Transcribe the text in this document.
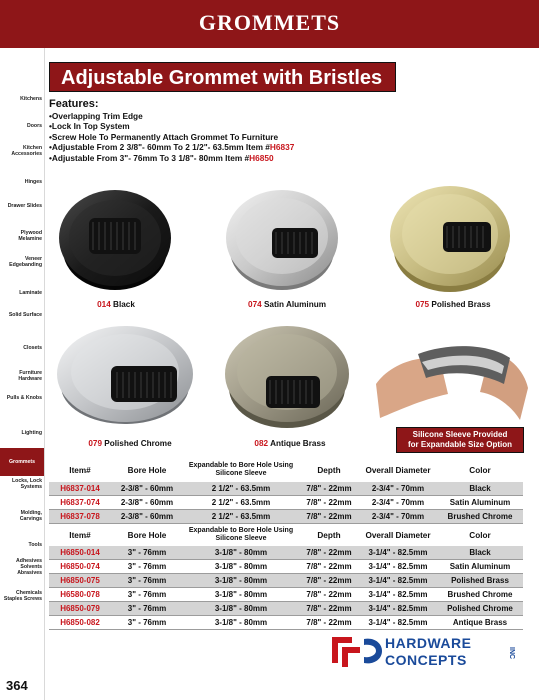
GROMMETS
Kitchens
Doors
Kitchen Accessories
Hinges
Drawer Slides
Plywood Melamine
Veneer Edgebanding
Laminate
Solid Surface
Closets
Furniture Hardware
Pulls & Knobs
Lighting
Grommets
Locks, Lock Systems
Molding, Carvings
Tools
Adhesives Solvents Abrasives
Chemicals Staples Screws
Adjustable Grommet with Bristles
Features:
• Overlapping Trim Edge
• Lock In Top System
• Screw Hole To Permanently Attach Grommet To Furniture
• Adjustable From 2 3/8"- 60mm To 2 1/2"- 63.5mm Item #H6837
• Adjustable From 3"- 76mm To 3 1/8"- 80mm Item #H6850
014 Black	074 Satin Aluminum	075 Polished Brass
079 Polished Chrome	082 Antique Brass
Silicone Sleeve Provided
for Expandable Size Option
Item#	Bore Hole	Expandable to Bore Hole Using Silicone Sleeve	Depth	Overall Diameter	Color
H6837-014	2-3/8" - 60mm	2 1/2" - 63.5mm	7/8" - 22mm	2-3/4" - 70mm	Black
H6837-074	2-3/8" - 60mm	2 1/2" - 63.5mm	7/8" - 22mm	2-3/4" - 70mm	Satin Aluminum
H6837-078	2-3/8" - 60mm	2 1/2" - 63.5mm	7/8" - 22mm	2-3/4" - 70mm	Brushed Chrome
Item#	Bore Hole	Expandable to Bore Hole Using Silicone Sleeve	Depth	Overall Diameter	Color
H6850-014	3" - 76mm	3-1/8" - 80mm	7/8" - 22mm	3-1/4" - 82.5mm	Black
H6850-074	3" - 76mm	3-1/8" - 80mm	7/8" - 22mm	3-1/4" - 82.5mm	Satin Aluminum
H6850-075	3" - 76mm	3-1/8" - 80mm	7/8" - 22mm	3-1/4" - 82.5mm	Polished Brass
H6580-078	3" - 76mm	3-1/8" - 80mm	7/8" - 22mm	3-1/4" - 82.5mm	Brushed Chrome
H6850-079	3" - 76mm	3-1/8" - 80mm	7/8" - 22mm	3-1/4" - 82.5mm	Polished Chrome
H6850-082	3" - 76mm	3-1/8" - 80mm	7/8" - 22mm	3-1/4" - 82.5mm	Antique Brass
HARDWARE
CONCEPTS	INC
364
